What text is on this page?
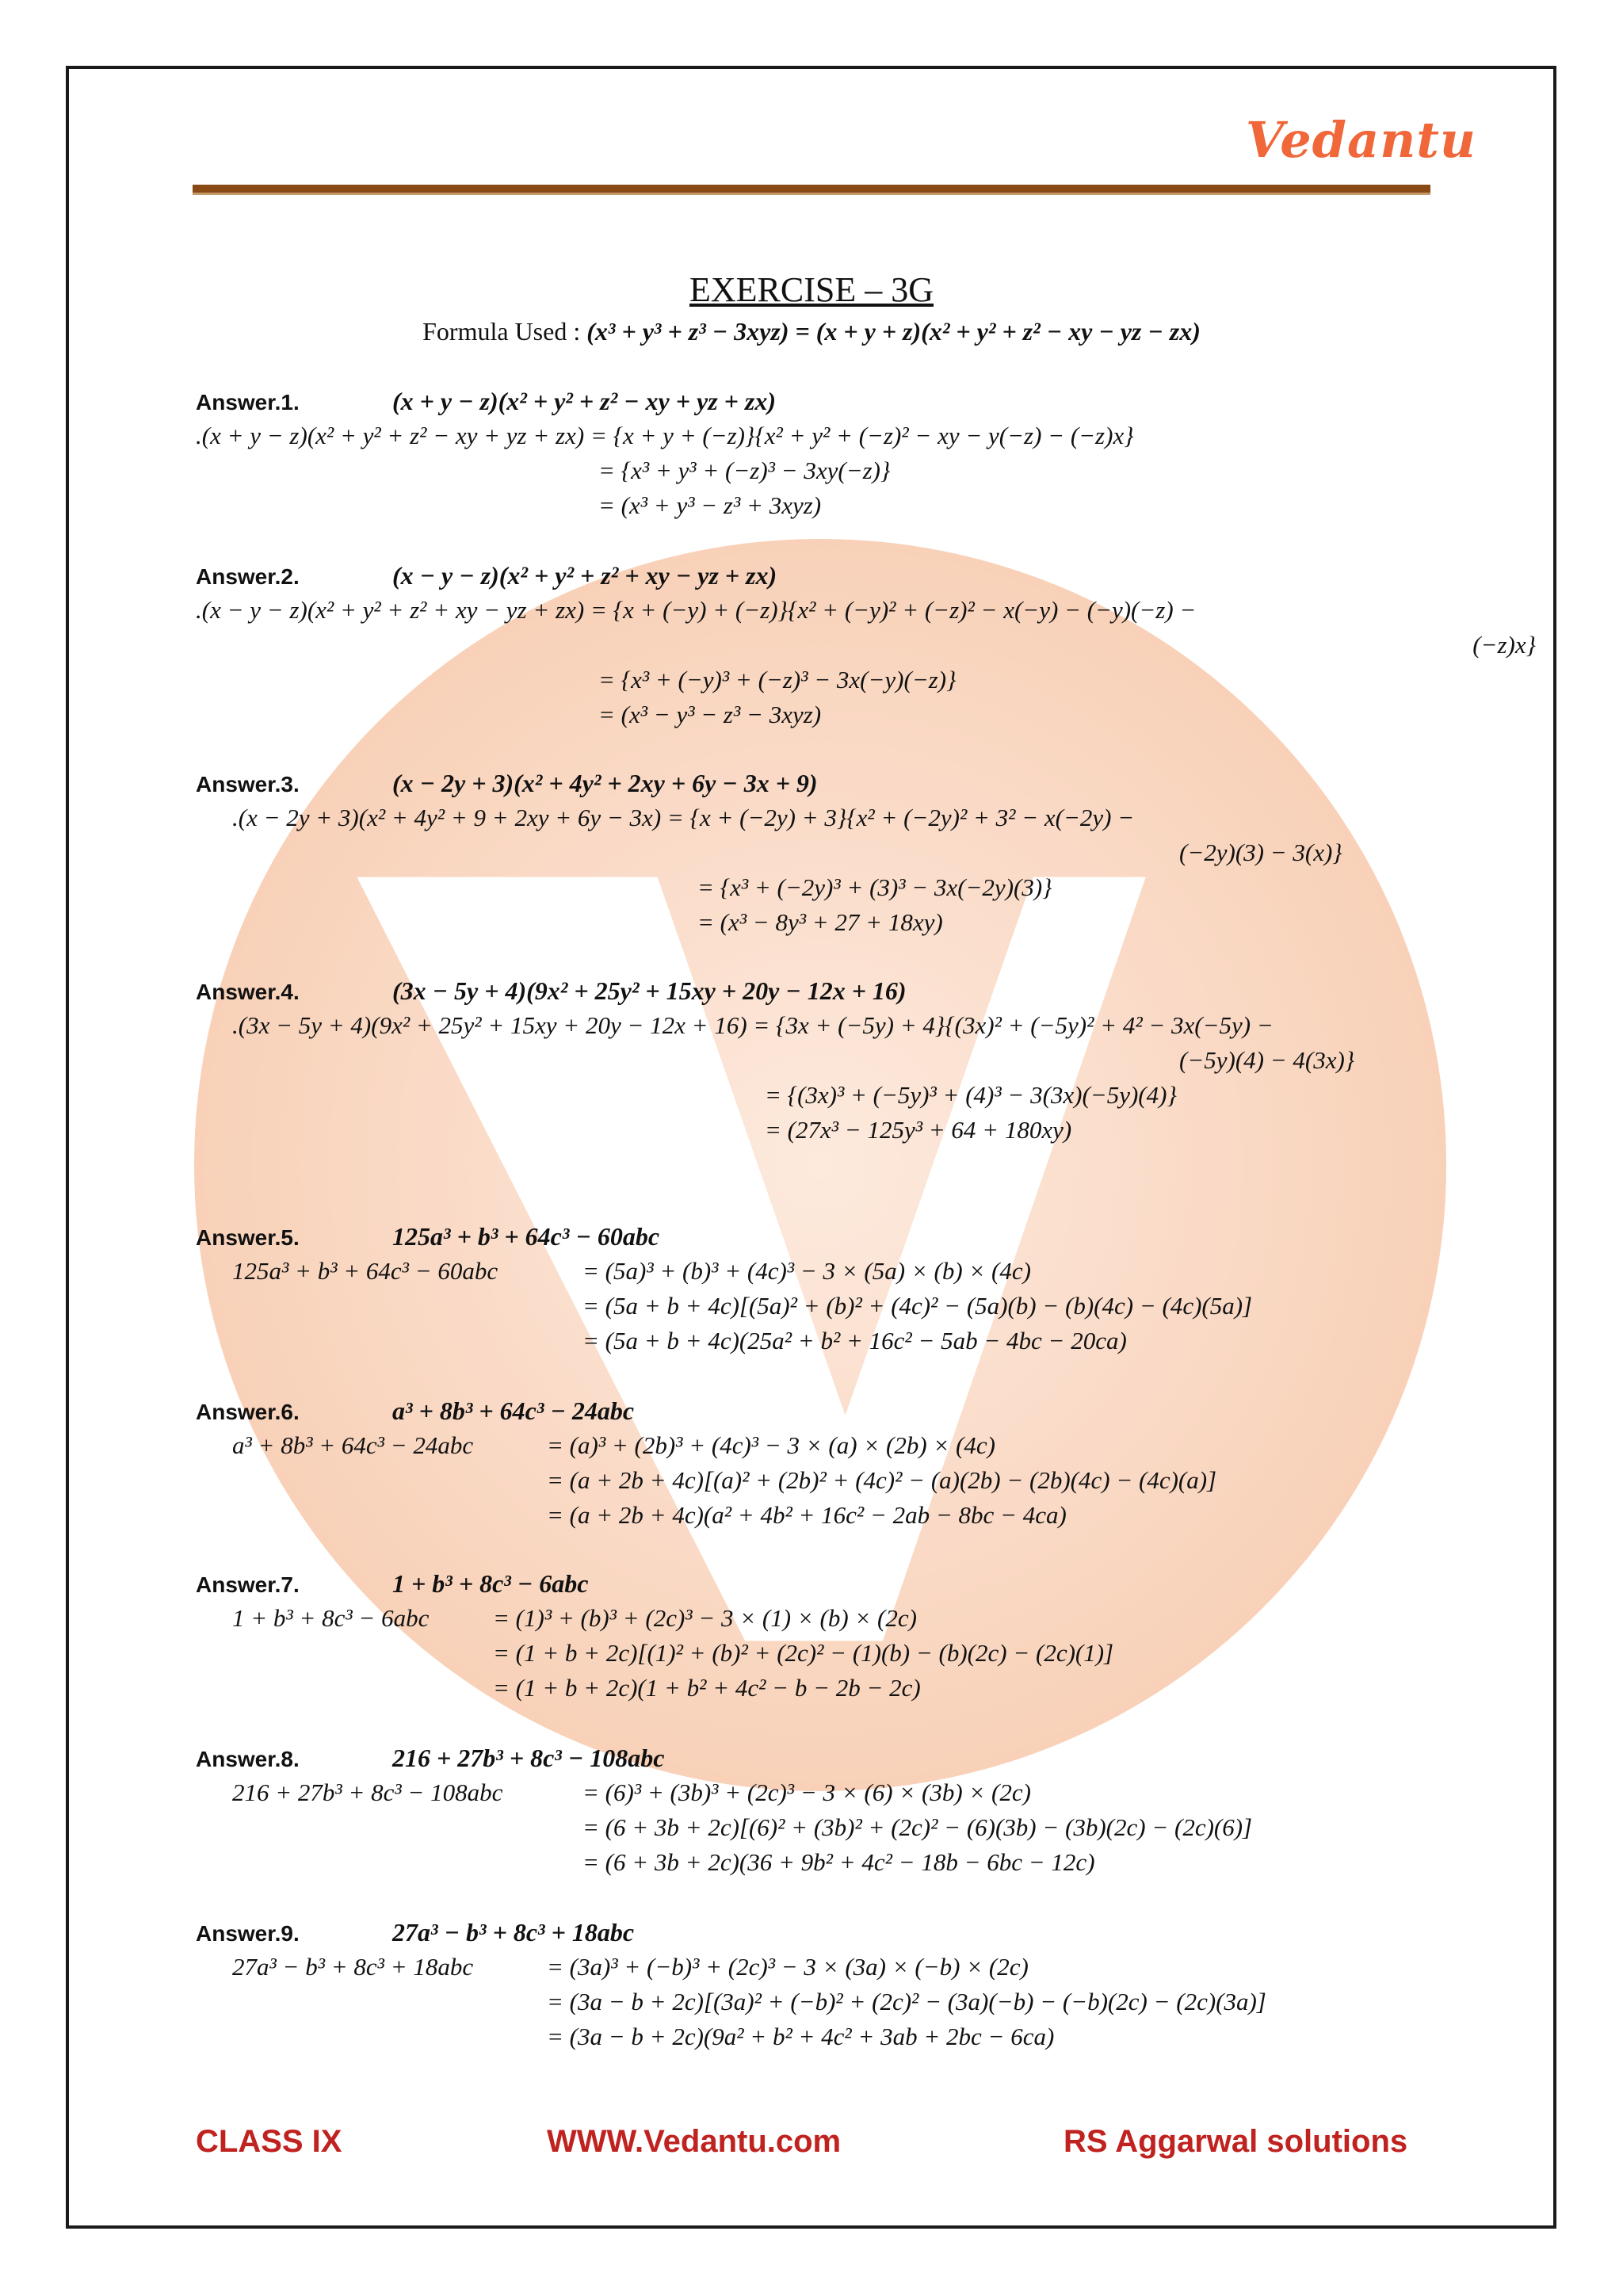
Vedantu
EXERCISE – 3G
Formula Used : (x³ + y³ + z³ − 3xyz) = (x + y + z)(x² + y² + z² − xy − yz − zx)
Answer.1.	(x + y − z)(x² + y² + z² − xy + yz + zx)
.(x + y − z)(x² + y² + z² − xy + yz + zx) = {x + y + (−z)}{x² + y² + (−z)² − xy − y(−z) − (−z)x}
= {x³ + y³ + (−z)³ − 3xy(−z)}
= (x³ + y³ − z³ + 3xyz)
Answer.2.	(x − y − z)(x² + y² + z² + xy − yz + zx)
.(x − y − z)(x² + y² + z² + xy − yz + zx) = {x + (−y) + (−z)}{x² + (−y)² + (−z)² − x(−y) − (−y)(−z) −
(−z)x}
= {x³ + (−y)³ + (−z)³ − 3x(−y)(−z)}
= (x³ − y³ − z³ − 3xyz)
Answer.3.	(x − 2y + 3)(x² + 4y² + 2xy + 6y − 3x + 9)
.(x − 2y + 3)(x² + 4y² + 9 + 2xy + 6y − 3x) = {x + (−2y) + 3}{x² + (−2y)² + 3² − x(−2y) −
(−2y)(3) − 3(x)}
= {x³ + (−2y)³ + (3)³ − 3x(−2y)(3)}
= (x³ − 8y³ + 27 + 18xy)
Answer.4.	(3x − 5y + 4)(9x² + 25y² + 15xy + 20y − 12x + 16)
.(3x − 5y + 4)(9x² + 25y² + 15xy + 20y − 12x + 16) = {3x + (−5y) + 4}{(3x)² + (−5y)² + 4² − 3x(−5y) −
(−5y)(4) − 4(3x)}
= {(3x)³ + (−5y)³ + (4)³ − 3(3x)(−5y)(4)}
= (27x³ − 125y³ + 64 + 180xy)
Answer.5.	125a³ + b³ + 64c³ − 60abc
125a³ + b³ + 64c³ − 60abc	= (5a)³ + (b)³ + (4c)³ − 3 × (5a) × (b) × (4c)
= (5a + b + 4c)[(5a)² + (b)² + (4c)² − (5a)(b) − (b)(4c) − (4c)(5a)]
= (5a + b + 4c)(25a² + b² + 16c² − 5ab − 4bc − 20ca)
Answer.6.	a³ + 8b³ + 64c³ − 24abc
a³ + 8b³ + 64c³ − 24abc	= (a)³ + (2b)³ + (4c)³ − 3 × (a) × (2b) × (4c)
= (a + 2b + 4c)[(a)² + (2b)² + (4c)² − (a)(2b) − (2b)(4c) − (4c)(a)]
= (a + 2b + 4c)(a² + 4b² + 16c² − 2ab − 8bc − 4ca)
Answer.7.	1 + b³ + 8c³ − 6abc
1 + b³ + 8c³ − 6abc	= (1)³ + (b)³ + (2c)³ − 3 × (1) × (b) × (2c)
= (1 + b + 2c)[(1)² + (b)² + (2c)² − (1)(b) − (b)(2c) − (2c)(1)]
= (1 + b + 2c)(1 + b² + 4c² − b − 2b − 2c)
Answer.8.	216 + 27b³ + 8c³ − 108abc
216 + 27b³ + 8c³ − 108abc	= (6)³ + (3b)³ + (2c)³ − 3 × (6) × (3b) × (2c)
= (6 + 3b + 2c)[(6)² + (3b)² + (2c)² − (6)(3b) − (3b)(2c) − (2c)(6)]
= (6 + 3b + 2c)(36 + 9b² + 4c² − 18b − 6bc − 12c)
Answer.9.	27a³ − b³ + 8c³ + 18abc
27a³ − b³ + 8c³ + 18abc	= (3a)³ + (−b)³ + (2c)³ − 3 × (3a) × (−b) × (2c)
= (3a − b + 2c)[(3a)² + (−b)² + (2c)² − (3a)(−b) − (−b)(2c) − (2c)(3a)]
= (3a − b + 2c)(9a² + b² + 4c² + 3ab + 2bc − 6ca)
CLASS IX	WWW.Vedantu.com	RS Aggarwal solutions
